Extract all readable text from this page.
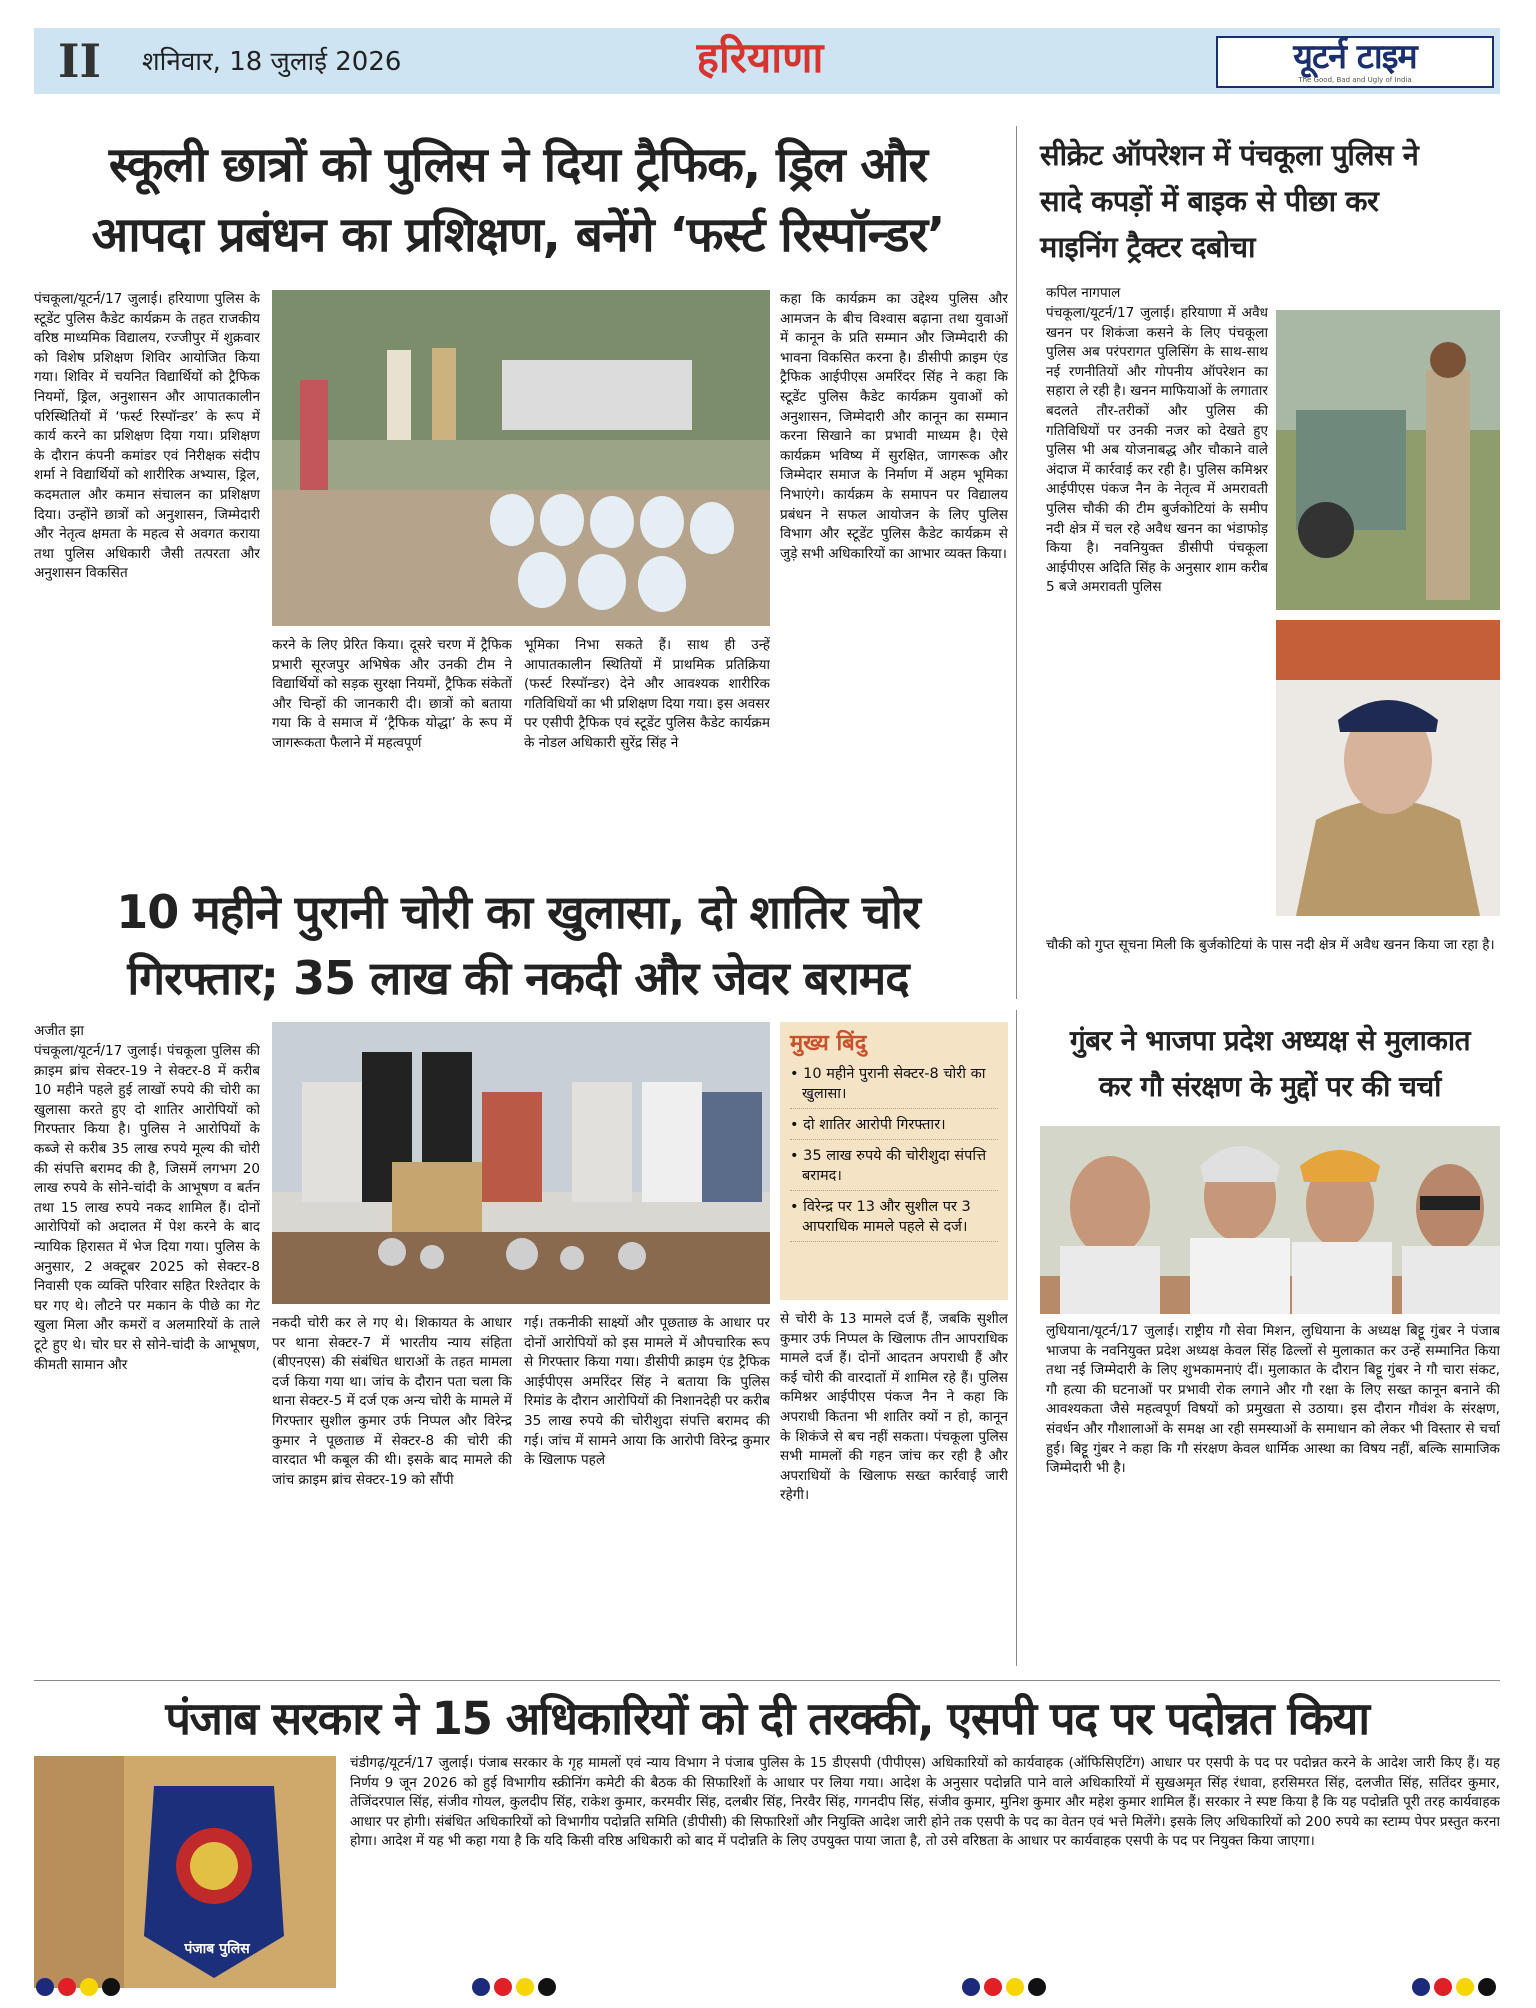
II शनिवार, 18 जुलाई 2026	हरियाणा	यूटर्न टाइम
The Good, Bad and Ugly of India
स्कूली छात्रों को पुलिस ने दिया ट्रैफिक, ड्रिल और
आपदा प्रबंधन का प्रशिक्षण, बनेंगे ‘फर्स्ट रिस्पॉन्डर’
पंचकूला/यूटर्न/17 जुलाई। हरियाणा पुलिस के स्टूडेंट पुलिस कैडेट कार्यक्रम के तहत राजकीय वरिष्ठ माध्यमिक विद्यालय, रज्जीपुर में शुक्रवार को विशेष प्रशिक्षण शिविर आयोजित किया गया। शिविर में चयनित विद्यार्थियों को ट्रैफिक नियमों, ड्रिल, अनुशासन और आपातकालीन परिस्थितियों में ‘फर्स्ट रिस्पॉन्डर’ के रूप में कार्य करने का प्रशिक्षण दिया गया। प्रशिक्षण के दौरान कंपनी कमांडर एवं निरीक्षक संदीप शर्मा ने विद्यार्थियों को शारीरिक अभ्यास, ड्रिल, कदमताल और कमान संचालन का प्रशिक्षण दिया। उन्होंने छात्रों को अनुशासन, जिम्मेदारी और नेतृत्व क्षमता के महत्व से अवगत कराया तथा पुलिस अधिकारी जैसी तत्परता और अनुशासन विकसित
करने के लिए प्रेरित किया। दूसरे चरण में ट्रैफिक प्रभारी सूरजपुर अभिषेक और उनकी टीम ने विद्यार्थियों को सड़क सुरक्षा नियमों, ट्रैफिक संकेतों और चिन्हों की जानकारी दी। छात्रों को बताया गया कि वे समाज में ‘ट्रैफिक योद्धा’ के रूप में जागरूकता फैलाने में महत्वपूर्ण
भूमिका निभा सकते हैं। साथ ही उन्हें आपातकालीन स्थितियों में प्राथमिक प्रतिक्रिया (फर्स्ट रिस्पॉन्डर) देने और आवश्यक शारीरिक गतिविधियों का भी प्रशिक्षण दिया गया। इस अवसर पर एसीपी ट्रैफिक एवं स्टूडेंट पुलिस कैडेट कार्यक्रम के नोडल अधिकारी सुरेंद्र सिंह ने
कहा कि कार्यक्रम का उद्देश्य पुलिस और आमजन के बीच विश्वास बढ़ाना तथा युवाओं में कानून के प्रति सम्मान और जिम्मेदारी की भावना विकसित करना है। डीसीपी क्राइम एंड ट्रैफिक आईपीएस अमरिंदर सिंह ने कहा कि स्टूडेंट पुलिस कैडेट कार्यक्रम युवाओं को अनुशासन, जिम्मेदारी और कानून का सम्मान करना सिखाने का प्रभावी माध्यम है। ऐसे कार्यक्रम भविष्य में सुरक्षित, जागरूक और जिम्मेदार समाज के निर्माण में अहम भूमिका निभाएंगे। कार्यक्रम के समापन पर विद्यालय प्रबंधन ने सफल आयोजन के लिए पुलिस विभाग और स्टूडेंट पुलिस कैडेट कार्यक्रम से जुड़े सभी अधिकारियों का आभार व्यक्त किया।
सीक्रेट ऑपरेशन में पंचकूला पुलिस ने
सादे कपड़ों में बाइक से पीछा कर
माइनिंग ट्रैक्टर दबोचा
कपिल नागपाल
पंचकूला/यूटर्न/17 जुलाई। हरियाणा में अवैध खनन पर शिकंजा कसने के लिए पंचकूला पुलिस अब परंपरागत पुलिसिंग के साथ-साथ नई रणनीतियों और गोपनीय ऑपरेशन का सहारा ले रही है। खनन माफियाओं के लगातार बदलते तौर-तरीकों और पुलिस की गतिविधियों पर उनकी नजर को देखते हुए पुलिस भी अब योजनाबद्ध और चौकाने वाले अंदाज में कार्रवाई कर रही है। पुलिस कमिश्नर आईपीएस पंकज नैन के नेतृत्व में अमरावती पुलिस चौकी की टीम बुर्जकोटियां के समीप नदी क्षेत्र में चल रहे अवैध खनन का भंडाफोड़ किया है। नवनियुक्त डीसीपी पंचकूला आईपीएस अदिति सिंह के अनुसार शाम करीब 5 बजे अमरावती पुलिस
चौकी को गुप्त सूचना मिली कि बुर्जकोटियां के पास नदी क्षेत्र में अवैध खनन किया जा रहा है।
10 महीने पुरानी चोरी का खुलासा, दो शातिर चोर
गिरफ्तार; 35 लाख की नकदी और जेवर बरामद
अजीत झा
पंचकूला/यूटर्न/17 जुलाई। पंचकूला पुलिस की क्राइम ब्रांच सेक्टर-19 ने सेक्टर-8 में करीब 10 महीने पहले हुई लाखों रुपये की चोरी का खुलासा करते हुए दो शातिर आरोपियों को गिरफ्तार किया है। पुलिस ने आरोपियों के कब्जे से करीब 35 लाख रुपये मूल्य की चोरी की संपत्ति बरामद की है, जिसमें लगभग 20 लाख रुपये के सोने-चांदी के आभूषण व बर्तन तथा 15 लाख रुपये नकद शामिल हैं। दोनों आरोपियों को अदालत में पेश करने के बाद न्यायिक हिरासत में भेज दिया गया। पुलिस के अनुसार, 2 अक्टूबर 2025 को सेक्टर-8 निवासी एक व्यक्ति परिवार सहित रिश्तेदार के घर गए थे। लौटने पर मकान के पीछे का गेट खुला मिला और कमरों व अलमारियों के ताले टूटे हुए थे। चोर घर से सोने-चांदी के आभूषण, कीमती सामान और
नकदी चोरी कर ले गए थे। शिकायत के आधार पर थाना सेक्टर-7 में भारतीय न्याय संहिता (बीएनएस) की संबंधित धाराओं के तहत मामला दर्ज किया गया था। जांच के दौरान पता चला कि थाना सेक्टर-5 में दर्ज एक अन्य चोरी के मामले में गिरफ्तार सुशील कुमार उर्फ निप्पल और विरेन्द्र कुमार ने पूछताछ में सेक्टर-8 की चोरी की वारदात भी कबूल की थी। इसके बाद मामले की जांच क्राइम ब्रांच सेक्टर-19 को सौंपी
गई। तकनीकी साक्ष्यों और पूछताछ के आधार पर दोनों आरोपियों को इस मामले में औपचारिक रूप से गिरफ्तार किया गया। डीसीपी क्राइम एंड ट्रैफिक आईपीएस अमरिंदर सिंह ने बताया कि पुलिस रिमांड के दौरान आरोपियों की निशानदेही पर करीब 35 लाख रुपये की चोरीशुदा संपत्ति बरामद की गई। जांच में सामने आया कि आरोपी विरेन्द्र कुमार के खिलाफ पहले
मुख्य बिंदु
• 10 महीने पुरानी सेक्टर-8 चोरी का खुलासा।
• दो शातिर आरोपी गिरफ्तार।
• 35 लाख रुपये की चोरीशुदा संपत्ति बरामद।
• विरेन्द्र पर 13 और सुशील पर 3 आपराधिक मामले पहले से दर्ज।
से चोरी के 13 मामले दर्ज हैं, जबकि सुशील कुमार उर्फ निप्पल के खिलाफ तीन आपराधिक मामले दर्ज हैं। दोनों आदतन अपराधी हैं और कई चोरी की वारदातों में शामिल रहे हैं। पुलिस कमिश्नर आईपीएस पंकज नैन ने कहा कि अपराधी कितना भी शातिर क्यों न हो, कानून के शिकंजे से बच नहीं सकता। पंचकूला पुलिस सभी मामलों की गहन जांच कर रही है और अपराधियों के खिलाफ सख्त कार्रवाई जारी रहेगी।
गुंबर ने भाजपा प्रदेश अध्यक्ष से मुलाकात
कर गौ संरक्षण के मुद्दों पर की चर्चा
लुधियाना/यूटर्न/17 जुलाई। राष्ट्रीय गौ सेवा मिशन, लुधियाना के अध्यक्ष बिट्टू गुंबर ने पंजाब भाजपा के नवनियुक्त प्रदेश अध्यक्ष केवल सिंह ढिल्लों से मुलाकात कर उन्हें सम्मानित किया तथा नई जिम्मेदारी के लिए शुभकामनाएं दीं। मुलाकात के दौरान बिट्टू गुंबर ने गौ चारा संकट, गौ हत्या की घटनाओं पर प्रभावी रोक लगाने और गौ रक्षा के लिए सख्त कानून बनाने की आवश्यकता जैसे महत्वपूर्ण विषयों को प्रमुखता से उठाया। इस दौरान गौवंश के संरक्षण, संवर्धन और गौशालाओं के समक्ष आ रही समस्याओं के समाधान को लेकर भी विस्तार से चर्चा हुई। बिट्टू गुंबर ने कहा कि गौ संरक्षण केवल धार्मिक आस्था का विषय नहीं, बल्कि सामाजिक जिम्मेदारी भी है।
पंजाब सरकार ने 15 अधिकारियों को दी तरक्की, एसपी पद पर पदोन्नत किया
पंजाब पुलिस
चंडीगढ़/यूटर्न/17 जुलाई। पंजाब सरकार के गृह मामलों एवं न्याय विभाग ने पंजाब पुलिस के 15 डीएसपी (पीपीएस) अधिकारियों को कार्यवाहक (ऑफिसिएटिंग) आधार पर एसपी के पद पर पदोन्नत करने के आदेश जारी किए हैं। यह निर्णय 9 जून 2026 को हुई विभागीय स्क्रीनिंग कमेटी की बैठक की सिफारिशों के आधार पर लिया गया। आदेश के अनुसार पदोन्नति पाने वाले अधिकारियों में सुखअमृत सिंह रंधावा, हरसिमरत सिंह, दलजीत सिंह, सतिंदर कुमार, तेजिंदरपाल सिंह, संजीव गोयल, कुलदीप सिंह, राकेश कुमार, करमवीर सिंह, दलबीर सिंह, निरवैर सिंह, गगनदीप सिंह, संजीव कुमार, मुनिश कुमार और महेश कुमार शामिल हैं। सरकार ने स्पष्ट किया है कि यह पदोन्नति पूरी तरह कार्यवाहक आधार पर होगी। संबंधित अधिकारियों को विभागीय पदोन्नति समिति (डीपीसी) की सिफारिशों और नियुक्ति आदेश जारी होने तक एसपी के पद का वेतन एवं भत्ते मिलेंगे। इसके लिए अधिकारियों को 200 रुपये का स्टाम्प पेपर प्रस्तुत करना होगा। आदेश में यह भी कहा गया है कि यदि किसी वरिष्ठ अधिकारी को बाद में पदोन्नति के लिए उपयुक्त पाया जाता है, तो उसे वरिष्ठता के आधार पर कार्यवाहक एसपी के पद पर नियुक्त किया जाएगा।
